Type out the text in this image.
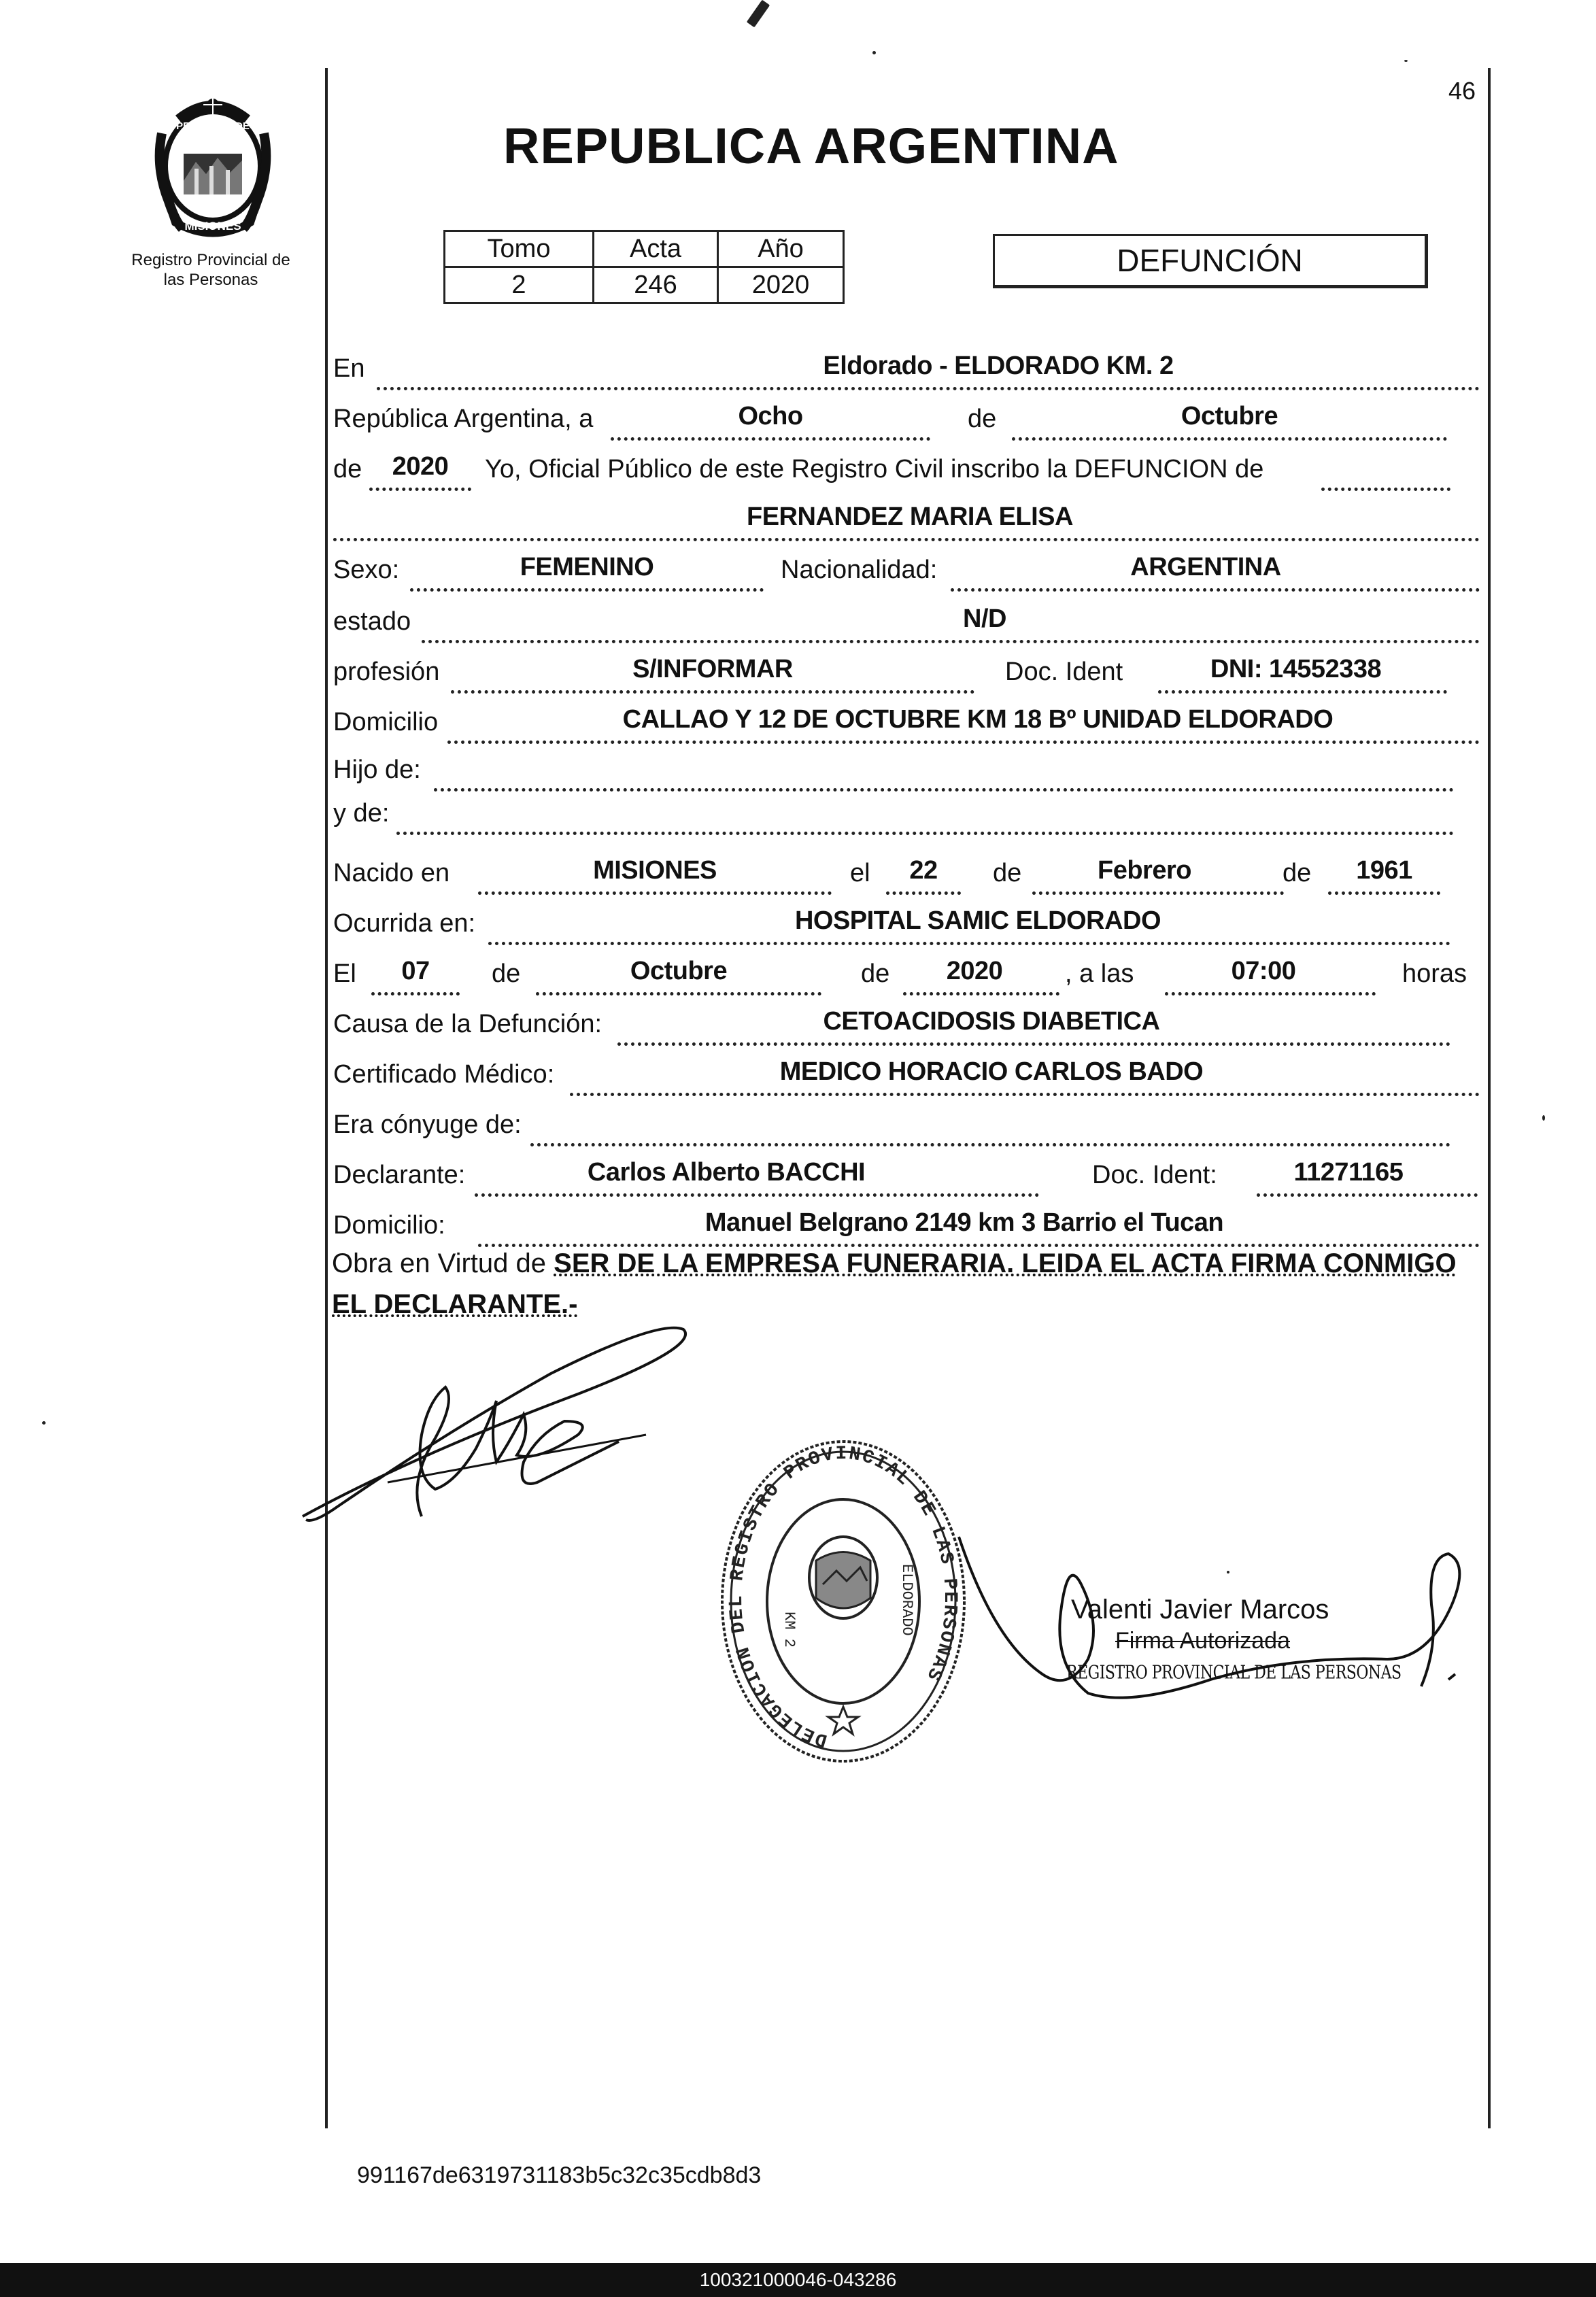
46
MISIONES
PROVINCIA DE
Registro Provincial de
las Personas
REPUBLICA ARGENTINA
Tomo	Acta	Año
2	246	2020
DEFUNCIÓN
En	Eldorado - ELDORADO KM. 2
República Argentina, a	Ocho	de	Octubre
de	2020	Yo, Oficial Público de este Registro Civil inscribo la DEFUNCION de
FERNANDEZ MARIA ELISA
Sexo:	FEMENINO	Nacionalidad:	ARGENTINA
estado	N/D
profesión	S/INFORMAR	Doc. Ident	DNI: 14552338
Domicilio	CALLAO Y 12 DE OCTUBRE KM 18 Bº UNIDAD ELDORADO
Hijo de:
y de:
Nacido en	MISIONES	el	22	de	Febrero	de	1961
Ocurrida en:	HOSPITAL SAMIC ELDORADO
El	07	de	Octubre	de	2020	, a las	07:00	horas
Causa de la Defunción:	CETOACIDOSIS DIABETICA
Certificado Médico:	MEDICO HORACIO CARLOS BADO
Era cónyuge de:
Declarante:	Carlos Alberto BACCHI	Doc. Ident:	11271165
Domicilio:	Manuel Belgrano 2149 km 3 Barrio el Tucan
Obra en Virtud de SER DE LA EMPRESA FUNERARIA. LEIDA EL ACTA FIRMA CONMIGO
EL DECLARANTE.-
DELEGACION DEL REGISTRO PROVINCIAL DE LAS PERSONAS
KM 2	ELDORADO	Valenti Javier Marcos
Firma Autorizada
REGISTRO PROVINCIAL DE LAS PERSONAS
991167de6319731183b5c32c35cdb8d3
100321000046-043286
